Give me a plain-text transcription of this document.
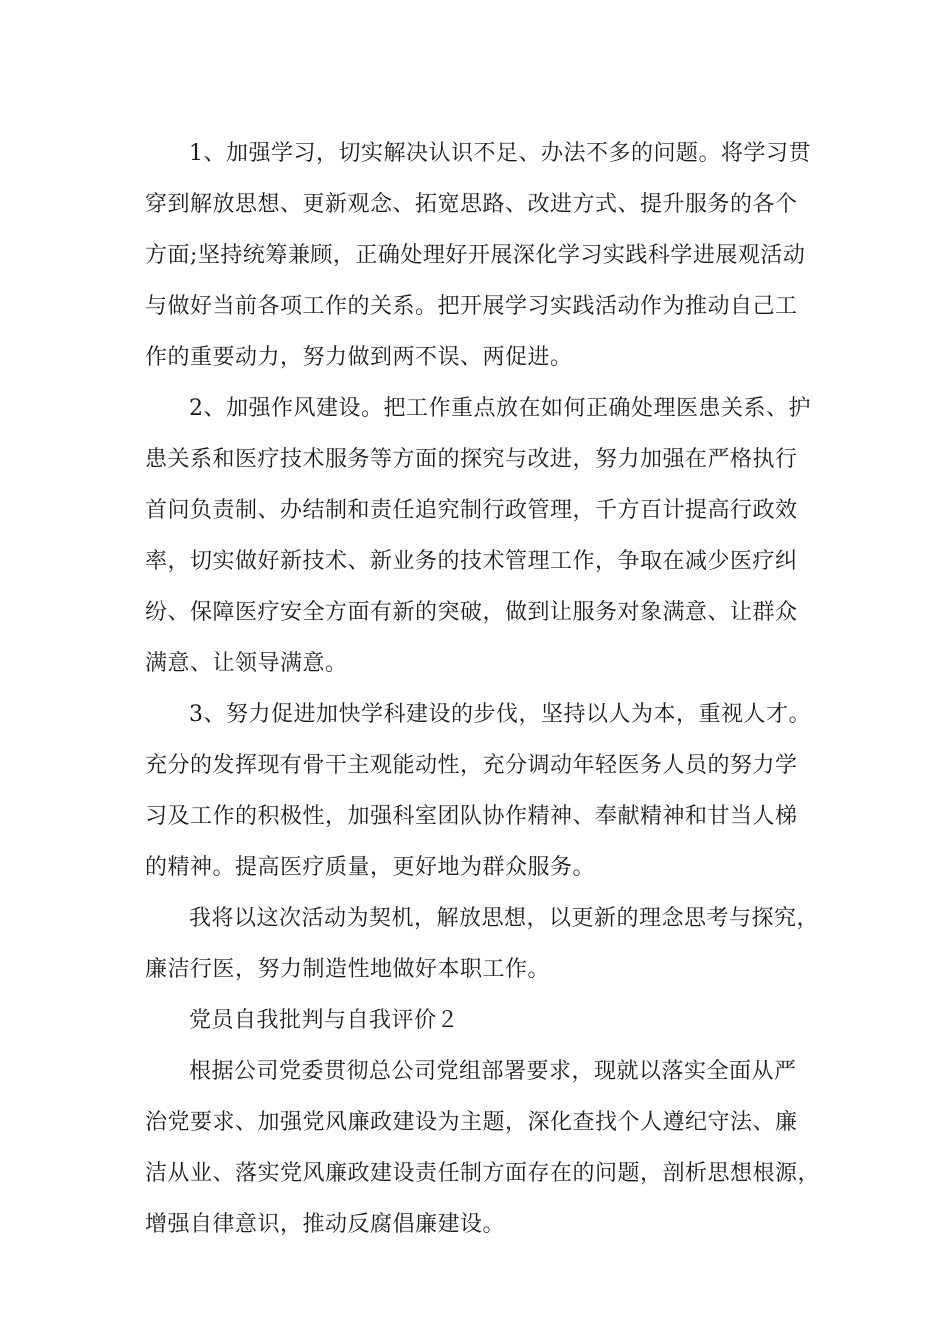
1、加强学习，切实解决认识不足、办法不多的问题。将学习贯
穿到解放思想、更新观念、拓宽思路、改进方式、提升服务的各个
方面;坚持统筹兼顾，正确处理好开展深化学习实践科学进展观活动
与做好当前各项工作的关系。把开展学习实践活动作为推动自己工
作的重要动力，努力做到两不误、两促进。
2、加强作风建设。把工作重点放在如何正确处理医患关系、护
患关系和医疗技术服务等方面的探究与改进，努力加强在严格执行
首问负责制、办结制和责任追究制行政管理，千方百计提高行政效
率，切实做好新技术、新业务的技术管理工作，争取在减少医疗纠
纷、保障医疗安全方面有新的突破，做到让服务对象满意、让群众
满意、让领导满意。
3、努力促进加快学科建设的步伐，坚持以人为本，重视人才。
充分的发挥现有骨干主观能动性，充分调动年轻医务人员的努力学
习及工作的积极性，加强科室团队协作精神、奉献精神和甘当人梯
的精神。提高医疗质量，更好地为群众服务。
我将以这次活动为契机，解放思想，以更新的理念思考与探究，
廉洁行医，努力制造性地做好本职工作。
党员自我批判与自我评价２
根据公司党委贯彻总公司党组部署要求，现就以落实全面从严
治党要求、加强党风廉政建设为主题，深化查找个人遵纪守法、廉
洁从业、落实党风廉政建设责任制方面存在的问题，剖析思想根源，
增强自律意识，推动反腐倡廉建设。
